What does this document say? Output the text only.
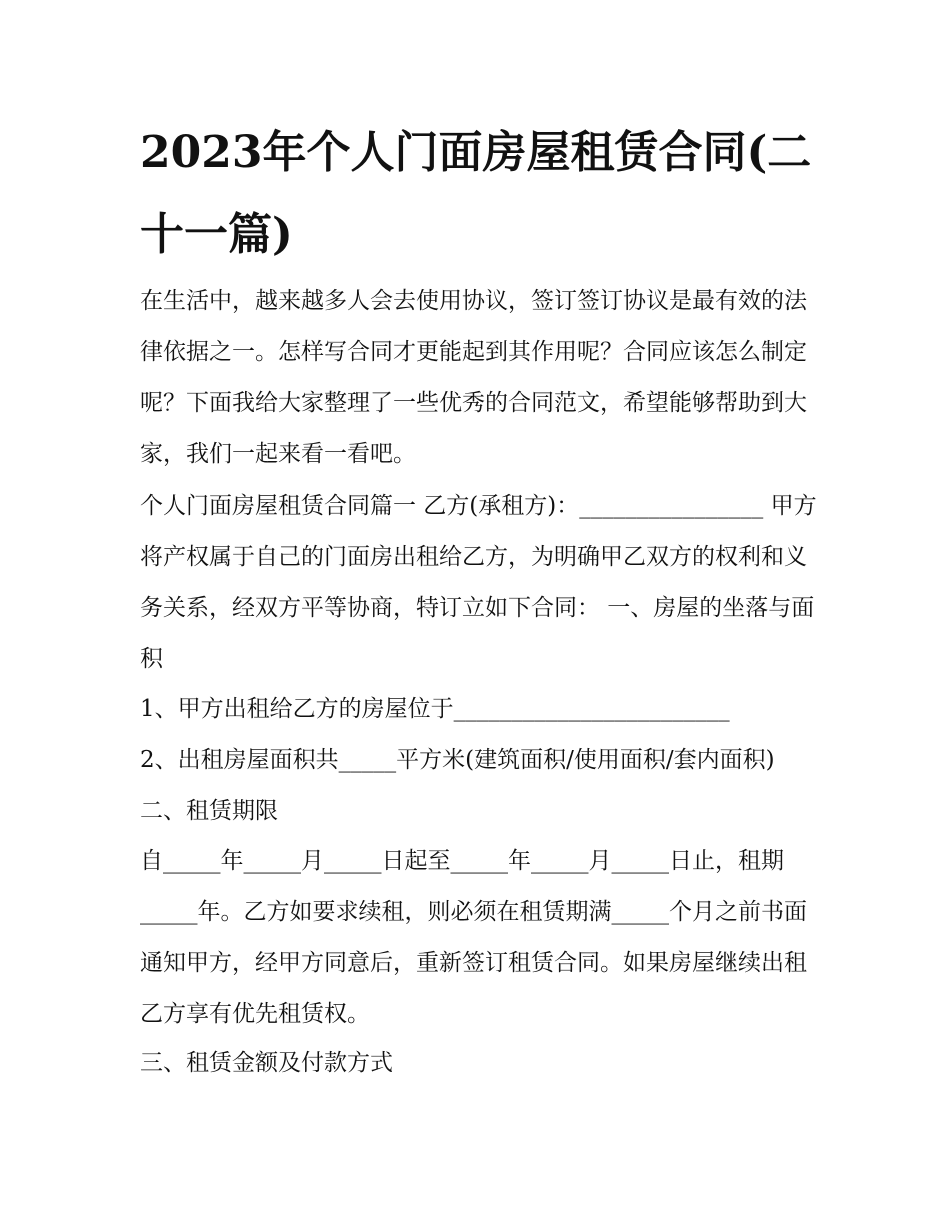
2023年个人门面房屋租赁合同(二十一篇)

在生活中，越来越多人会去使用协议，签订签订协议是最有效的法律依据之一。怎样写合同才更能起到其作用呢？合同应该怎么制定呢？下面我给大家整理了一些优秀的合同范文，希望能够帮助到大家，我们一起来看一看吧。

个人门面房屋租赁合同篇一 乙方(承租方)：________________ 甲方将产权属于自己的门面房出租给乙方，为明确甲乙双方的权利和义务关系，经双方平等协商，特订立如下合同： 一、房屋的坐落与面积

1、甲方出租给乙方的房屋位于________________________

2、出租房屋面积共_____平方米(建筑面积/使用面积/套内面积) 二、租赁期限

自_____年_____月_____日起至_____年_____月_____日止，租期_____年。乙方如要求续租，则必须在租赁期满_____个月之前书面通知甲方，经甲方同意后，重新签订租赁合同。如果房屋继续出租乙方享有优先租赁权。

三、租赁金额及付款方式
